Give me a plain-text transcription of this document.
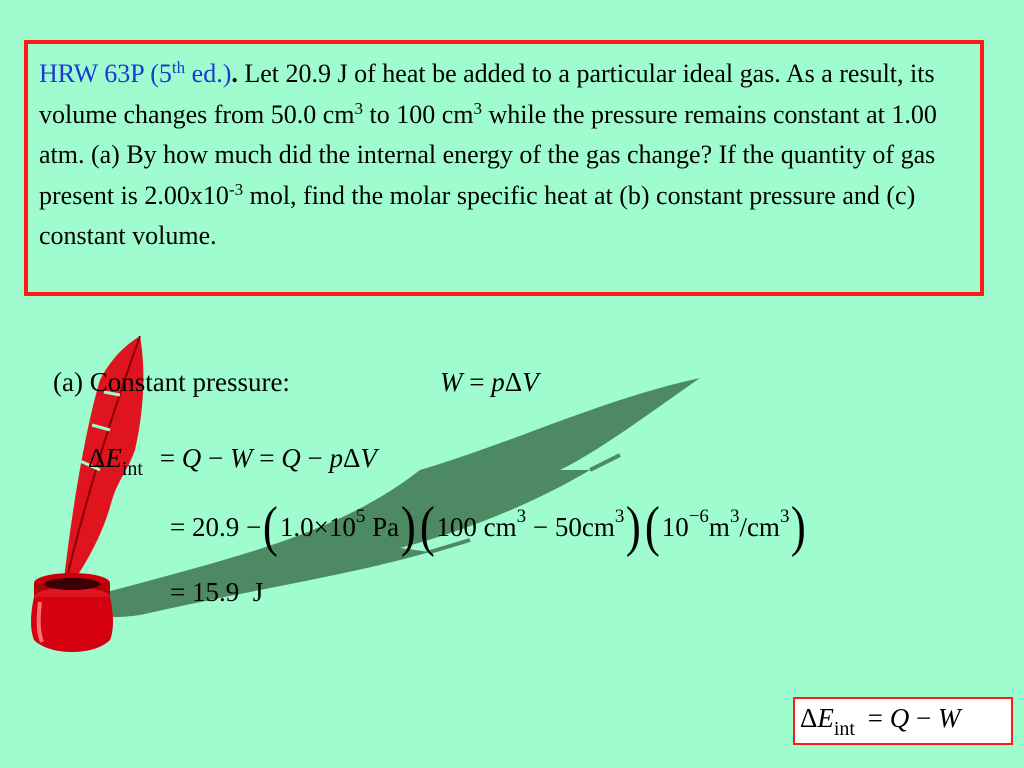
HRW 63P (5th ed.). Let 20.9 J of heat be added to a particular ideal gas. As a result, its volume changes from 50.0 $cm^3$ to 100 $cm^3$ while the pressure remains constant at 1.00 atm. (a) By how much did the internal energy of the gas change? If the quantity of gas present is $2.00x10^{-3}$ mol, find the molar specific heat at (b) constant pressure and (c) constant volume.
(a) Constant pressure:	W = pΔV
$\Delta E_{int} = Q - W = Q - p\Delta V$
= $20.9 -(1.0\times 10^5$ Pa)(100 $cm^3 - 50cm^3)(10^{-6}m^3/cm^3)$
= 15.9  J
$\Delta E_{int} = Q - W$
